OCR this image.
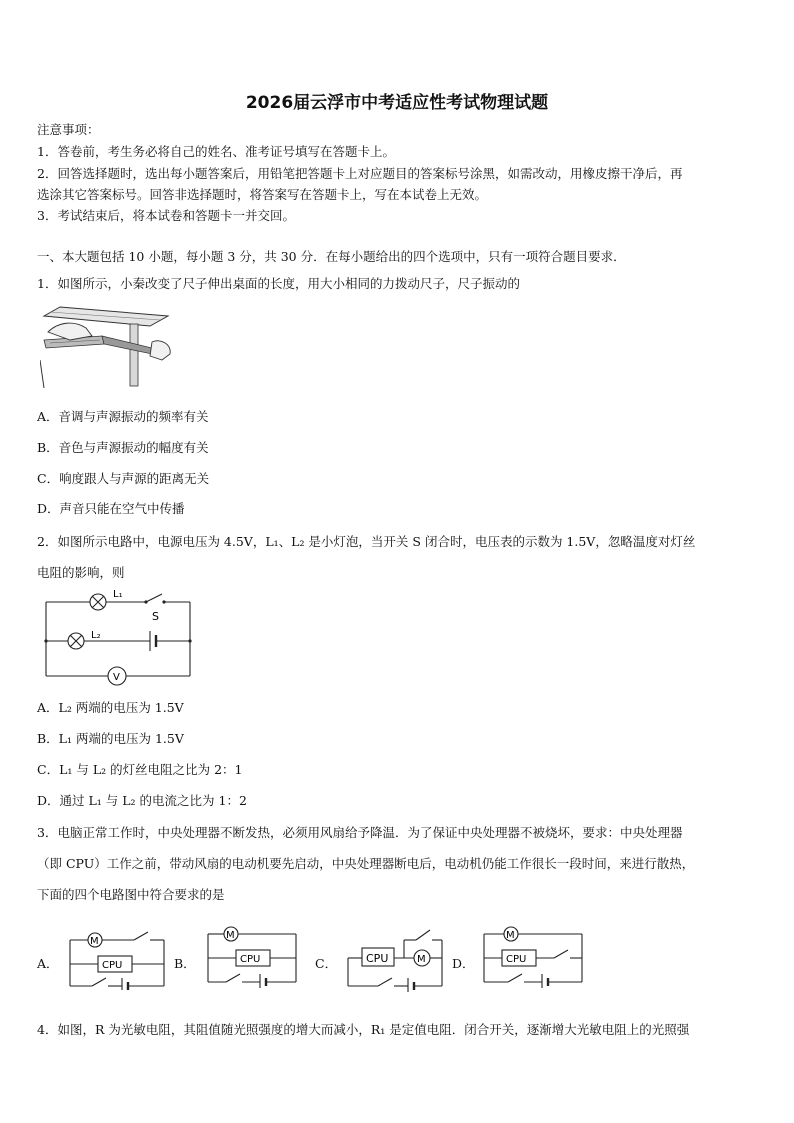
2026届云浮市中考适应性考试物理试题
注意事项：
1．答卷前，考生务必将自己的姓名、准考证号填写在答题卡上。
2．回答选择题时，选出每小题答案后，用铅笔把答题卡上对应题目的答案标号涂黑，如需改动，用橡皮擦干净后，再
选涂其它答案标号。回答非选择题时，将答案写在答题卡上，写在本试卷上无效。
3．考试结束后，将本试卷和答题卡一并交回。
一、本大题包括 10 小题，每小题 3 分，共 30 分．在每小题给出的四个选项中，只有一项符合题目要求．
1．如图所示，小秦改变了尺子伸出桌面的长度，用大小相同的力拨动尺子，尺子振动的
A．音调与声源振动的频率有关
B．音色与声源振动的幅度有关
C．响度跟人与声源的距离无关
D．声音只能在空气中传播
2．如图所示电路中，电源电压为 4.5V，L₁、L₂ 是小灯泡，当开关 S 闭合时，电压表的示数为 1.5V，忽略温度对灯丝
电阻的影响，则
L₁
L₂
S
V
A．L₂ 两端的电压为 1.5V
B．L₁ 两端的电压为 1.5V
C．L₁ 与 L₂ 的灯丝电阻之比为 2：1
D．通过 L₁ 与 L₂ 的电流之比为 1：2
3．电脑正常工作时，中央处理器不断发热，必须用风扇给予降温．为了保证中央处理器不被烧坏，要求：中央处理器
（即 CPU）工作之前，带动风扇的电动机要先启动，中央处理器断电后，电动机仍能工作很长一段时间，来进行散热，
下面的四个电路图中符合要求的是
A．
M
CPU	B．
M
CPU	C．	CPU	M D．
M
CPU
4．如图，R 为光敏电阻，其阻值随光照强度的增大而减小，R₁ 是定值电阻．闭合开关，逐渐增大光敏电阻上的光照强
